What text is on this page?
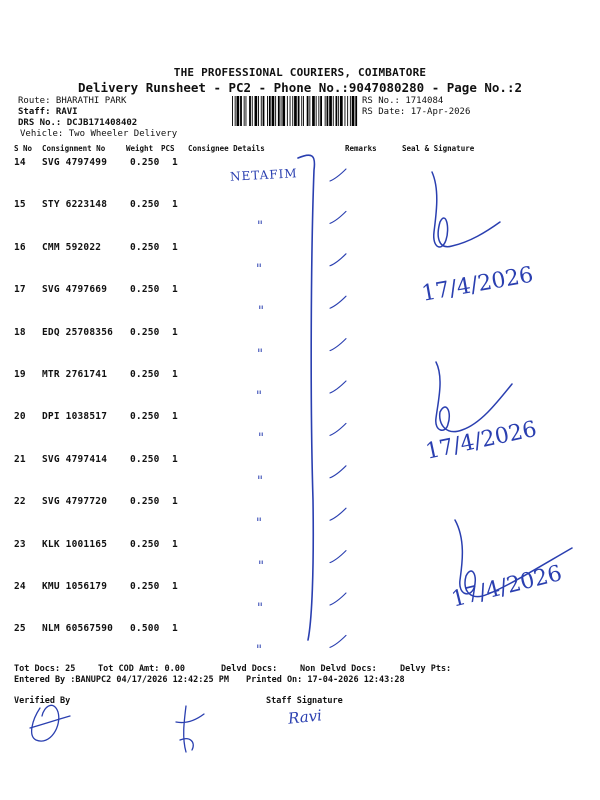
THE PROFESSIONAL COURIERS, COIMBATORE
Delivery Runsheet - PC2 - Phone No.:9047080280 - Page No.:2
Route: BHARATHI PARK
Staff: RAVI
DRS No.: DCJB171408402
Vehicle: Two Wheeler Delivery
RS No.: 1714084
RS Date: 17-Apr-2026
S No Consignment No	Weight PCS Consignee Details	Remarks	Seal & Signature
14 SVG 4797499 0.250 1
15 STY 6223148 0.250 1
16 CMM 592022	0.250 1
17 SVG 4797669 0.250 1
18 EDQ 25708356 0.250 1
19 MTR 2761741 0.250 1
20 DPI 1038517 0.250 1
21 SVG 4797414 0.250 1
22 SVG 4797720 0.250 1
23 KLK 1001165 0.250 1
24 KMU 1056179 0.250 1
25 NLM 60567590 0.500 1
NETAFIM
"
"
"
"
"
"
"
"
"
"
"
17/4/2026
17/4/2026
17/4/2026
Ravi
Tot Docs: 25	Tot COD Amt: 0.00	Delvd Docs:	Non Delvd Docs:	Delvy Pts:
Entered By :BANUPC2 04/17/2026 12:42:25 PM Printed On: 17-04-2026 12:43:28
Verified By	Staff Signature
